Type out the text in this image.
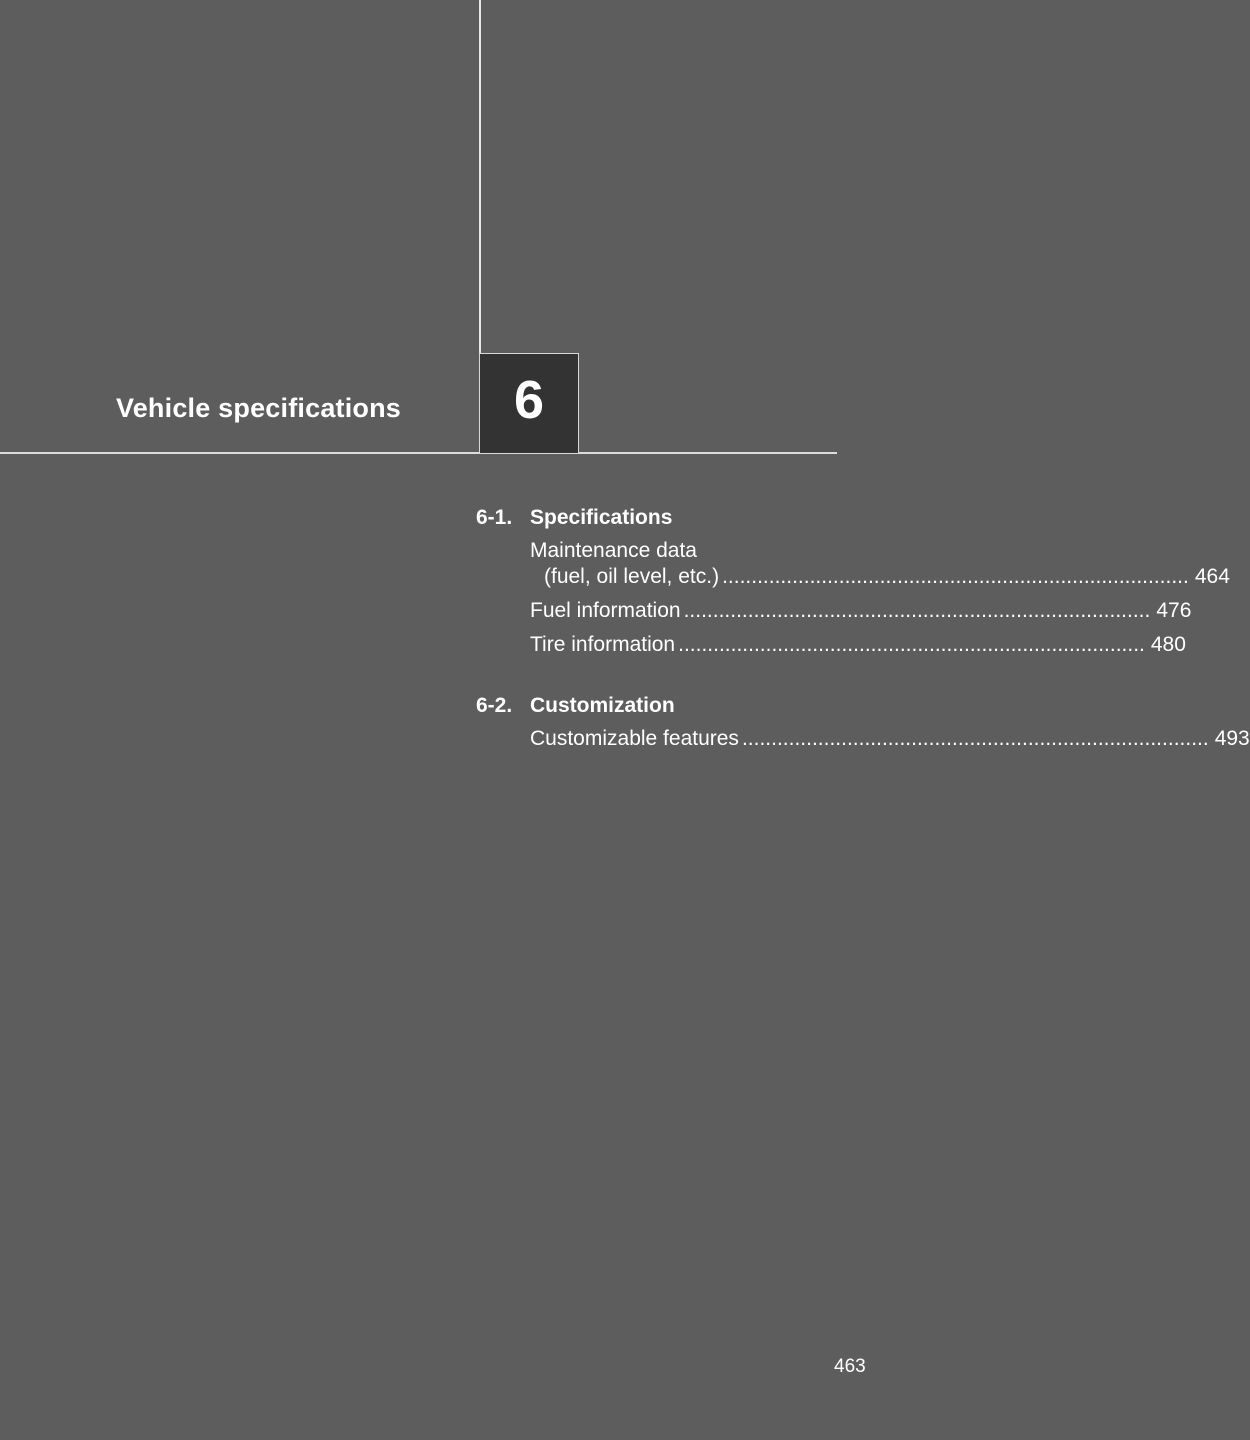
Vehicle specifications 6
6-1. Specifications
Maintenance data
(fuel, oil level, etc.) ................................................................................ 464
Fuel information ................................................................................ 476
Tire information ................................................................................ 480
6-2. Customization
Customizable features ................................................................................ 493
463
